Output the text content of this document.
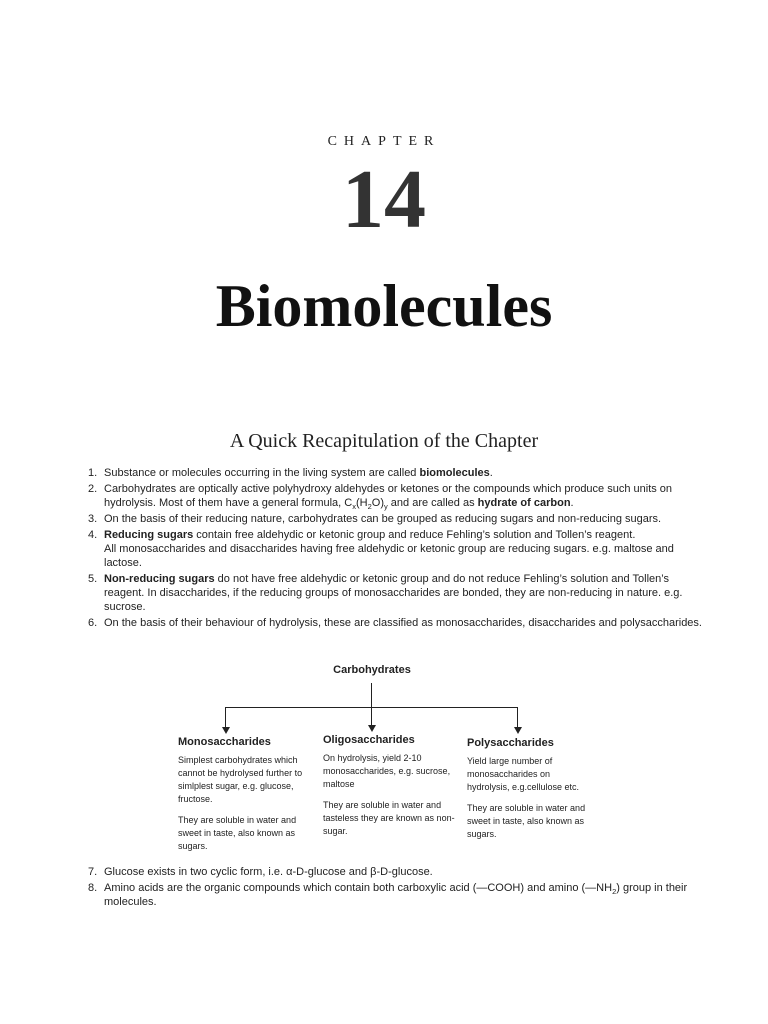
CHAPTER
14
Biomolecules
A Quick Recapitulation of the Chapter
1. Substance or molecules occurring in the living system are called biomolecules.
2. Carbohydrates are optically active polyhydroxy aldehydes or ketones or the compounds which produce such units on hydrolysis. Most of them have a general formula, $C_x(H_2O)_y$ and are called as hydrate of carbon.
3. On the basis of their reducing nature, carbohydrates can be grouped as reducing sugars and non-reducing sugars.
4. Reducing sugars contain free aldehydic or ketonic group and reduce Fehling’s solution and Tollen’s reagent.
All monosaccharides and disaccharides having free aldehydic or ketonic group are reducing sugars. e.g. maltose and lactose.
5. Non-reducing sugars do not have free aldehydic or ketonic group and do not reduce Fehling’s solution and Tollen’s reagent. In disaccharides, if the reducing groups of monosaccharides are bonded, they are non-reducing in nature. e.g. sucrose.
6. On the basis of their behaviour of hydrolysis, these are classified as monosaccharides, disaccharides and polysaccharides.
Carbohydrates
Monosaccharides

Simplest carbohydrates which cannot be hydrolysed further to simlplest sugar, e.g. glucose, fructose.

They are soluble in water and sweet in taste, also known as sugars.

Oligosaccharides

On hydrolysis, yield 2-10 monosaccharides, e.g. sucrose, maltose

They are soluble in water and tasteless they are known as non-sugar.

Polysaccharides

Yield large number of monosaccharides on hydrolysis, e.g.cellulose etc.

They are soluble in water and sweet in taste, also known as sugars.

7. Glucose exists in two cyclic form, i.e. α-D-glucose and β-D-glucose.
8. Amino acids are the organic compounds which contain both carboxylic acid (—COOH) and amino $(—NH_2)$ group in their molecules.
